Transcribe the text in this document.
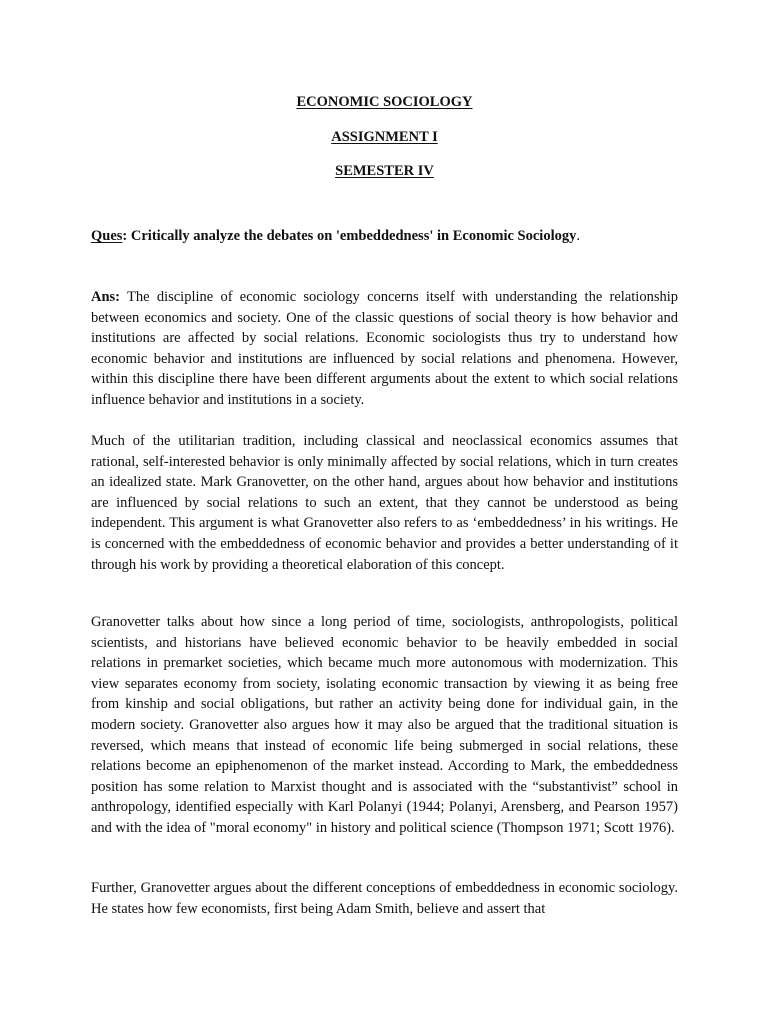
ECONOMIC SOCIOLOGY

ASSIGNMENT I

SEMESTER IV

Ques: Critically analyze the debates on 'embeddedness' in Economic Sociology.

Ans: The discipline of economic sociology concerns itself with understanding the relationship between economics and society. One of the classic questions of social theory is how behavior and institutions are affected by social relations. Economic sociologists thus try to understand how economic behavior and institutions are influenced by social relations and phenomena. However, within this discipline there have been different arguments about the extent to which social relations influence behavior and institutions in a society.

Much of the utilitarian tradition, including classical and neoclassical economics assumes that rational, self-interested behavior is only minimally affected by social relations, which in turn creates an idealized state. Mark Granovetter, on the other hand, argues about how behavior and institutions are influenced by social relations to such an extent, that they cannot be understood as being independent. This argument is what Granovetter also refers to as ‘embeddedness’ in his writings. He is concerned with the embeddedness of economic behavior and provides a better understanding of it through his work by providing a theoretical elaboration of this concept.

Granovetter talks about how since a long period of time, sociologists, anthropologists, political scientists, and historians have believed economic behavior to be heavily embedded in social relations in premarket societies, which became much more autonomous with modernization. This view separates economy from society, isolating economic transaction by viewing it as being free from kinship and social obligations, but rather an activity being done for individual gain, in the modern society. Granovetter also argues how it may also be argued that the traditional situation is reversed, which means that instead of economic life being submerged in social relations, these relations become an epiphenomenon of the market instead. According to Mark, the embeddedness position has some relation to Marxist thought and is associated with the “substantivist” school in anthropology, identified especially with Karl Polanyi (1944; Polanyi, Arensberg, and Pearson 1957) and with the idea of "moral economy" in history and political science (Thompson 1971; Scott 1976).

Further, Granovetter argues about the different conceptions of embeddedness in economic sociology. He states how few economists, first being Adam Smith, believe and assert that
